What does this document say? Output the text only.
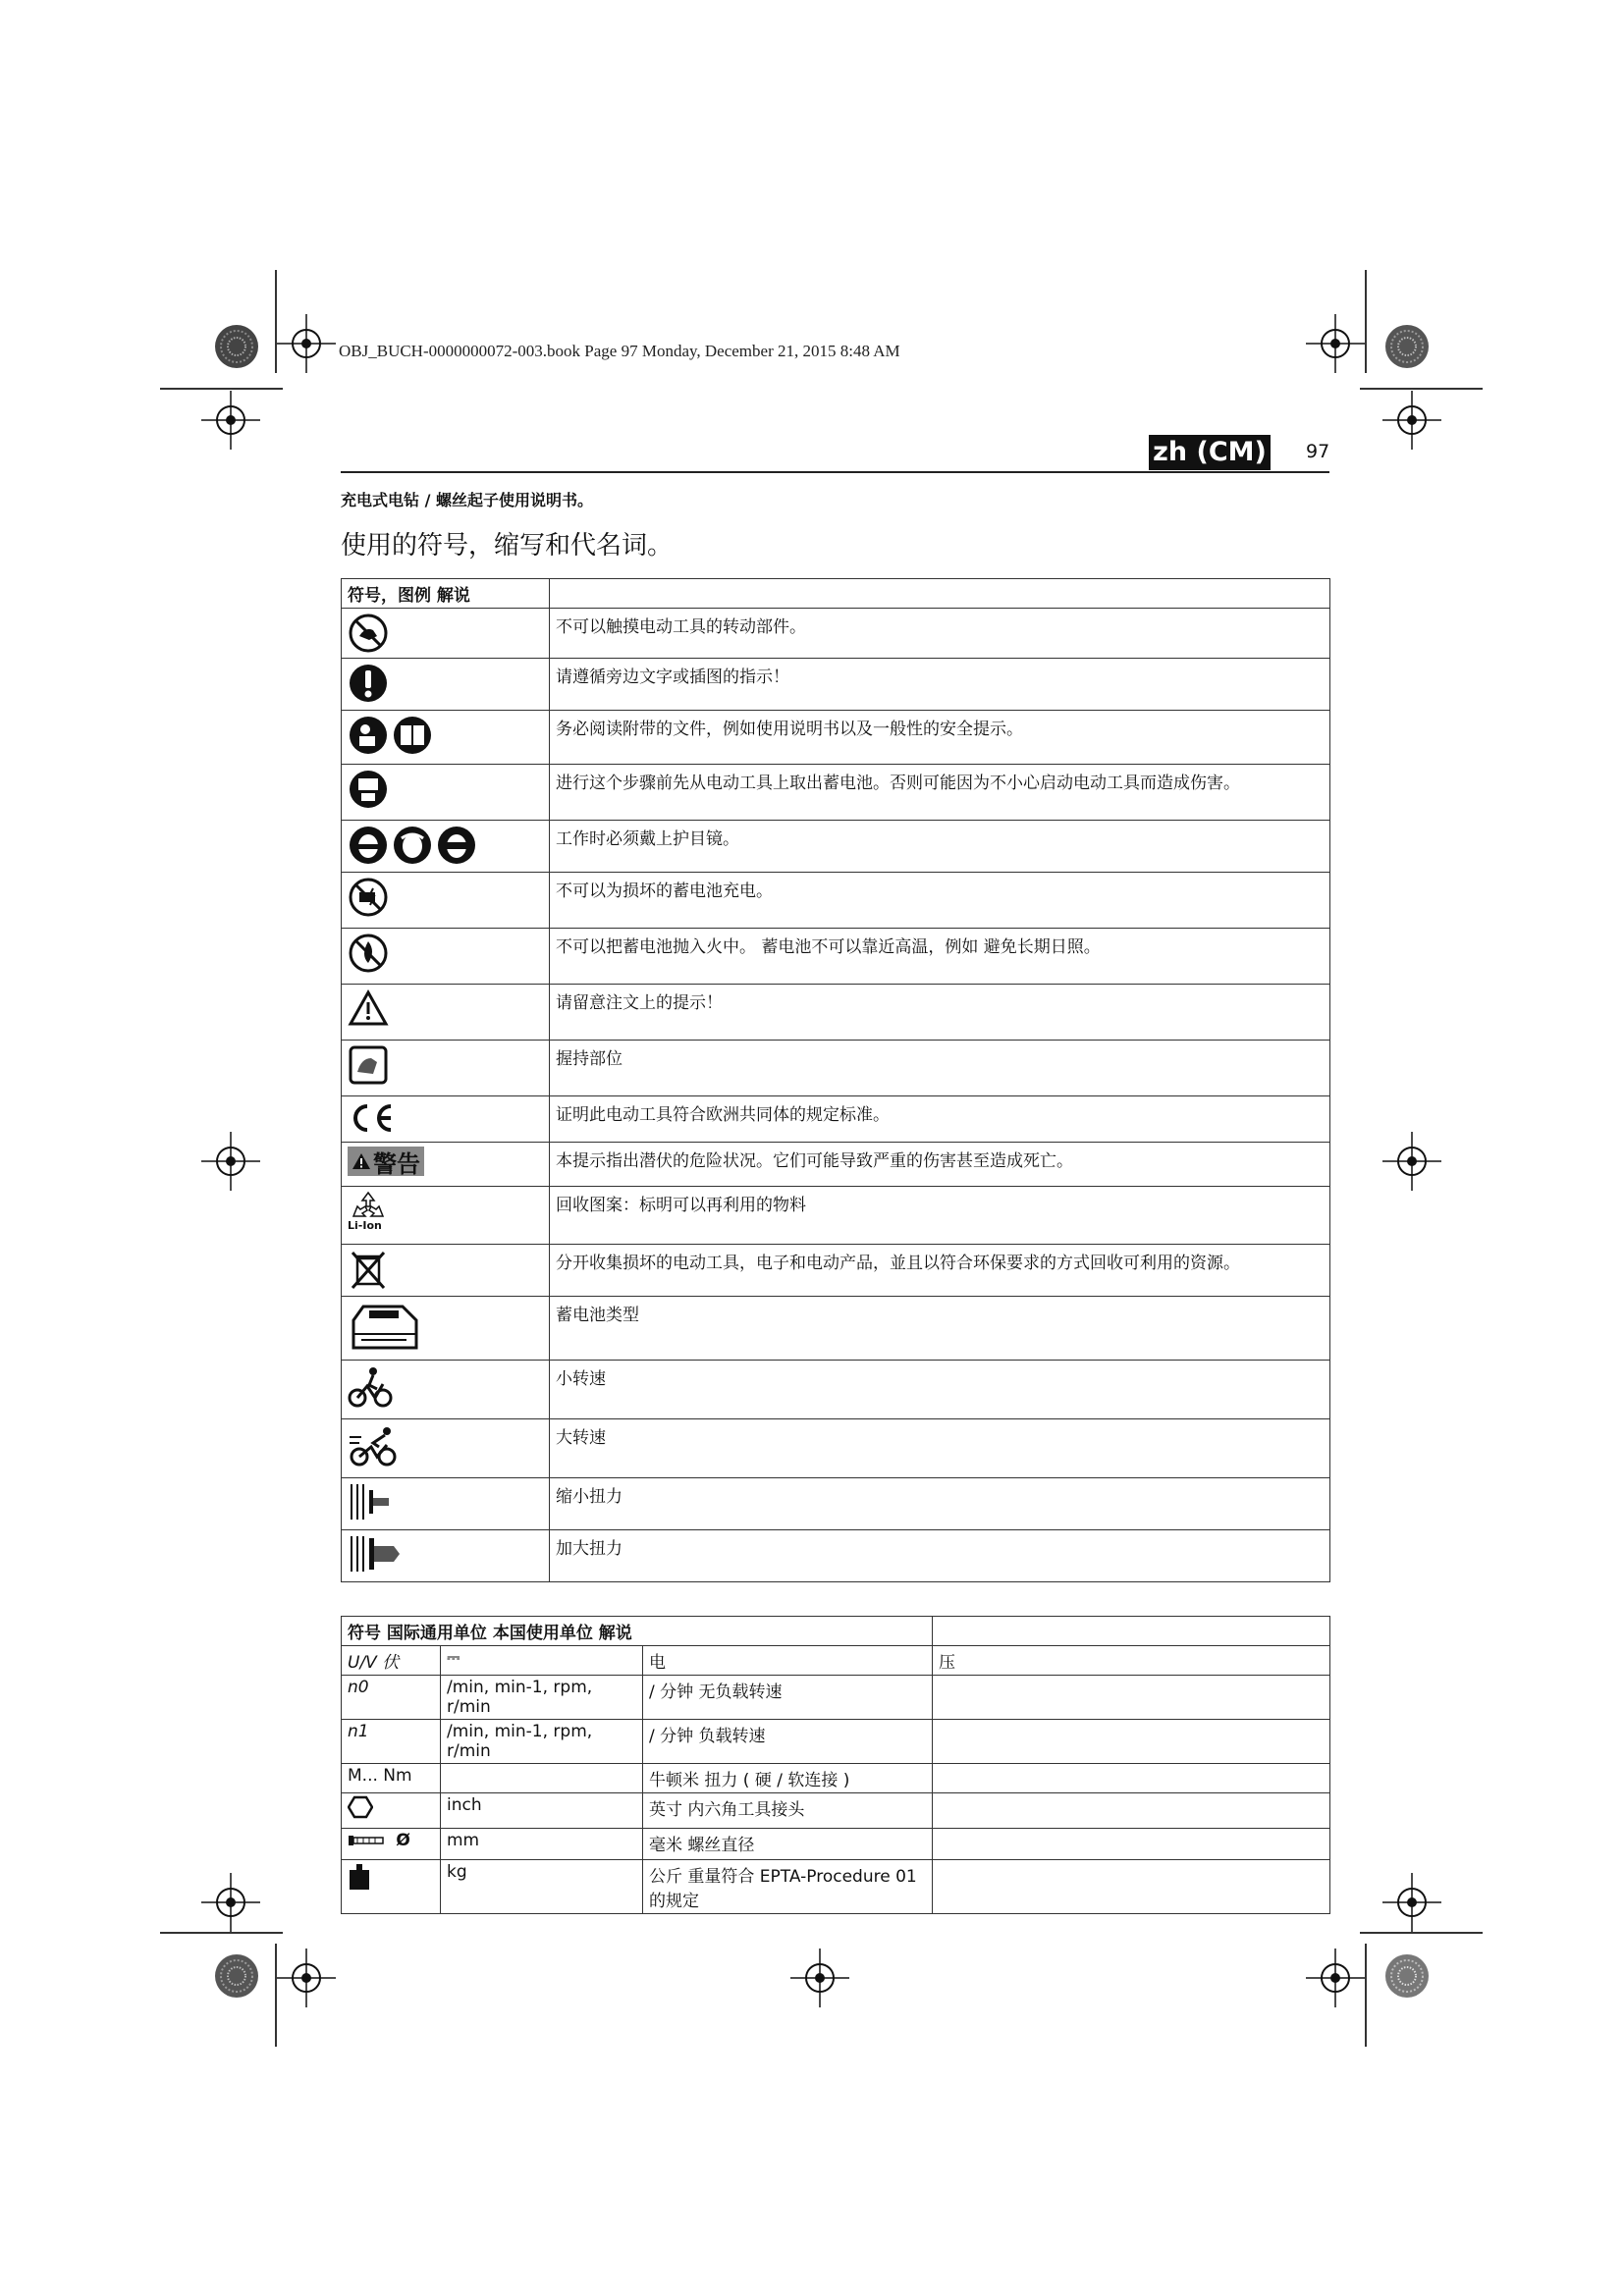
OBJ_BUCH-0000000072-003.book Page 97 Monday, December 21, 2015 8:48 AM
zh (CM) 97
充电式电钻 / 螺丝起子使用说明书。
使用的符号，缩写和代名词。
符号，图例 解说	

	不可以触摸电动工具的转动部件。

	请遵循旁边文字或插图的指示！

	务必阅读附带的文件，例如使用说明书以及一般性的安全提示。

	进行这个步骤前先从电动工具上取出蓄电池。否则可能因为不小心启动电动工具而造成伤害。

	工作时必须戴上护目镜。

	不可以为损坏的蓄电池充电。

	不可以把蓄电池抛入火中。 蓄电池不可以靠近高温，例如 避免长期日照。

	请留意注文上的提示！

	握持部位

	证明此电动工具符合欧洲共同体的规定标准。

警告	本提示指出潜伏的危险状况。它们可能导致严重的伤害甚至造成死亡。

Li-Ion	回收图案：标明可以再利用的物料

	分开收集损坏的电动工具，电子和电动产品，並且以符合环保要求的方式回收可利用的资源。

	蓄电池类型

	小转速

	大转速

	缩小扭力

	加大扭力
符号 国际通用单位 本国使用单位 解说			
U/V 伏	⎓	电	压
n0	/min, min-1, rpm, r/min	/ 分钟 无负载转速	
n1	/min, min-1, rpm, r/min	/ 分钟 负载转速	
M... Nm		牛顿米 扭力 ( 硬 / 软连接 )	
	inch	英寸 内六角工具接头	
Ø	mm	毫米 螺丝直径	
	kg	公斤 重量符合 EPTA-Procedure 01 的规定	
